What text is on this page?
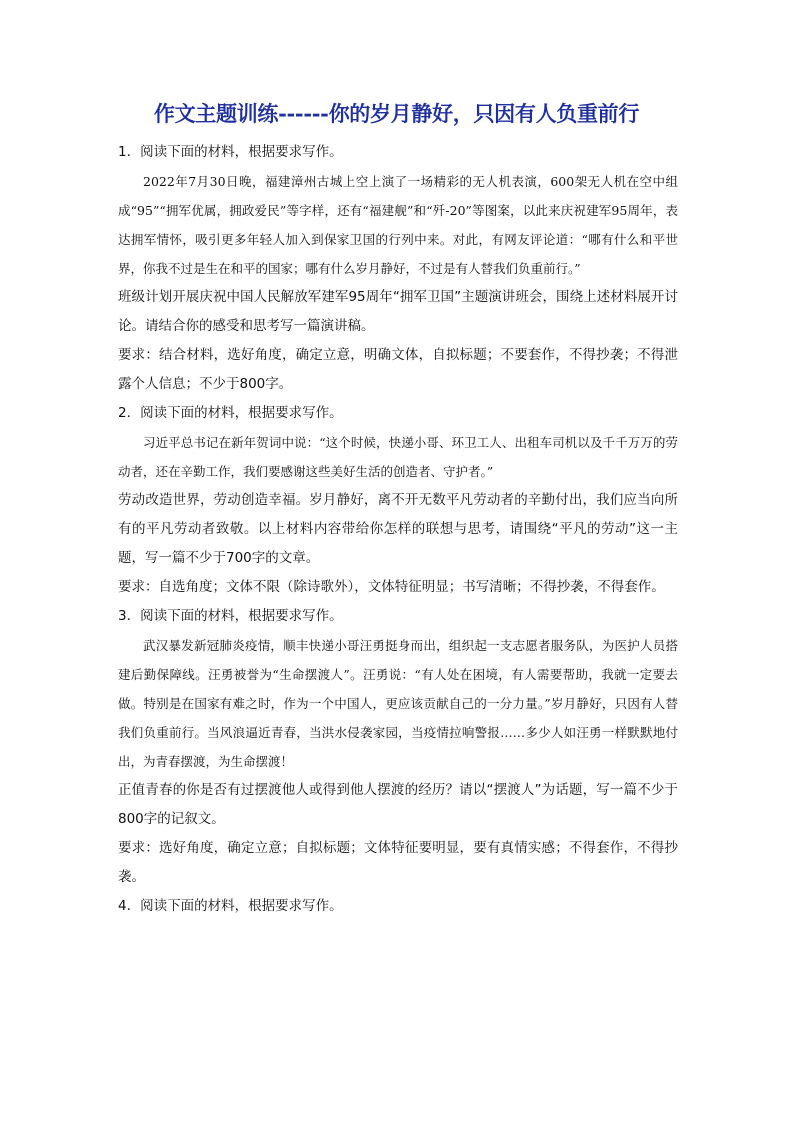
作文主题训练------你的岁月静好，只因有人负重前行

1．阅读下面的材料，根据要求写作。

2022年7月30日晚，福建漳州古城上空上演了一场精彩的无人机表演，600架无人机在空中组成“95”“拥军优属，拥政爱民”等字样，还有“福建舰”和“歼-20”等图案，以此来庆祝建军95周年，表达拥军情怀，吸引更多年轻人加入到保家卫国的行列中来。对此，有网友评论道：“哪有什么和平世界，你我不过是生在和平的国家；哪有什么岁月静好，不过是有人替我们负重前行。”

班级计划开展庆祝中国人民解放军建军95周年“拥军卫国”主题演讲班会，围绕上述材料展开讨论。请结合你的感受和思考写一篇演讲稿。

要求：结合材料，选好角度，确定立意，明确文体，自拟标题；不要套作，不得抄袭；不得泄露个人信息；不少于800字。

2．阅读下面的材料，根据要求写作。

习近平总书记在新年贺词中说：“这个时候，快递小哥、环卫工人、出租车司机以及千千万万的劳动者，还在辛勤工作，我们要感谢这些美好生活的创造者、守护者。”

劳动改造世界，劳动创造幸福。岁月静好，离不开无数平凡劳动者的辛勤付出，我们应当向所有的平凡劳动者致敬。以上材料内容带给你怎样的联想与思考，请围绕“平凡的劳动”这一主题，写一篇不少于700字的文章。

要求：自选角度；文体不限（除诗歌外），文体特征明显；书写清晰；不得抄袭，不得套作。

3．阅读下面的材料，根据要求写作。

武汉暴发新冠肺炎疫情，顺丰快递小哥汪勇挺身而出，组织起一支志愿者服务队，为医护人员搭建后勤保障线。汪勇被誉为“生命摆渡人”。汪勇说：“有人处在困境，有人需要帮助，我就一定要去做。特别是在国家有难之时，作为一个中国人，更应该贡献自己的一分力量。”岁月静好，只因有人替我们负重前行。当风浪逼近青春，当洪水侵袭家园，当疫情拉响警报……多少人如汪勇一样默默地付出，为青春摆渡，为生命摆渡！

正值青春的你是否有过摆渡他人或得到他人摆渡的经历？请以“摆渡人”为话题，写一篇不少于800字的记叙文。

要求：选好角度，确定立意；自拟标题；文体特征要明显，要有真情实感；不得套作，不得抄袭。

4．阅读下面的材料，根据要求写作。
